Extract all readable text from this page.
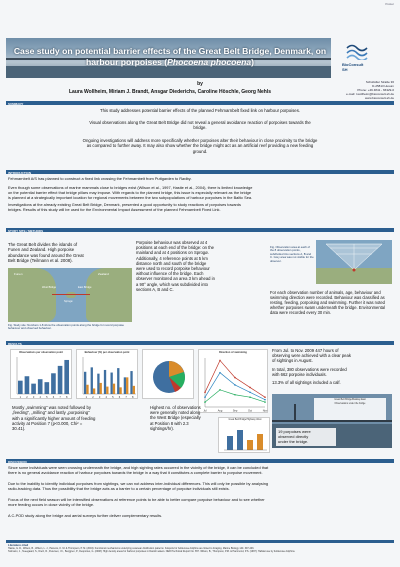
Poster
Case study on potential barrier effects of the Great Belt Bridge, Denmark, on
harbour porpoises (Phocoena phocoena)	BioConsult
SH
by
Laura Wollheim, Miriam J. Brandt, Ansgar Diederichs, Caroline Höschle, Georg Nehls
Schobüller Straße 36
D-25813 Husum
Phone: +49 4841 - 66329-0
e-mail: l.wollheim@bioconsult-sh.de
www.bioconsult-sh.de
SUMMARY
This study addresses potential barrier effects of the planned Fehmarnbelt fixed link on harbour porpoises.
Visual observations along the Great Belt Bridge did not reveal a general avoidance reaction of porpoises towards the
bridge.
Ongoing investigations will address more specifically whether porpoises alter their behaviour in close proximity to the bridge
as compared to further away. It may also show whether the bridge might act as an artificial reef providing a new feeding
ground.
INTRODUCTION
Fehmarnbelt A/S has planned to construct a fixed link crossing the Fehmarnbelt from Puttgarden to Rødby.
Even though some observations of marine mammals close to bridges exist (Wilson et al., 1997, Hastie et al., 2004), there is limited knowledge
on the potential barrier effect that bridge pillars may impose. With regards to the planned bridge, this issue is especially relevant as the bridge
is planned at a strategically important location for regional movements between the two subpopulations of harbour porpoises in the Baltic Sea.
Investigations at the already existing Great Belt Bridge, Denmark, presented a good opportunity to study reactions of porpoises towards
bridges. Results of this study will be used for the Environmental Impact Assessment of the planned Fehmarnbelt Fixed Link.
STUDY SITE / METHODS
The Great Belt divides the islands of
Funen and Zealand. High porpoise
abundance was found around the Great
Belt Bridge (Teilmann et al. 2008).
Funen	Zealand
Sprogø
East Bridge
West Bridge
Fig. Study site: Numbers 1-8 show the observation points along the bridge for record porpoise behaviour and observed behaviour.
Porpoise behaviour was observed at 4
positions at each end of the bridge: on the
mainland and at 4 positions on Sprogø.
Additionally, 4 reference points at 5 km
distance north and south of the bridge
were used to record porpoise behaviour
without influence of the bridge. Each
observer monitored an area 3 km ahead in
a 90° angle, which was subdivided into
sections A, B and C.
Fig. Observation area at each of the 8 observation points, subdivided into sections A, B and C. Grey area was not visible for the observer.
For each observation number of animals, age, behaviour and swimming direction were recorded. Behaviour was classified as resting, feeding, porpoising and swimming. Further it was noted whether porpoises swam underneath the bridge. Environmental data were recorded every 30 min.
RESULTS
Observations per observation point
1 2 3 4 5 6 7 8
Behaviour (%) per observation point
1 2 3 4 5 6 7 8
Direction of swimming
Jul	Aug	Sep	Oct	Nov
Mostly „swimming“ was noted followed by
„feeding“, „milling“ and lastly „porpoising“
with a significantly higher amount of feeding
activity at Position 7 (p<0.000, Chi² =
30.41).
Highest no. of observations
were generally noted along
the West Bridge (especially
at Position 8 with 2.3
sightings/hr).
Great Belt Bridge/Highway West
From Jul. to Nov. 2009 447 hours of
observing were achieved with a clear peak
of sightings in August.
In total, 380 observations were recorded
with 662 porpoise individuals.
13.3% of all sightings included a calf.
Great Belt Bridge/Railway East
Observations under the bridge
19 porpoises were
observed directly
under the bridge.
DISCUSSION
Since some individuals were seen crossing underneath the bridge, and high sighting rates occurred in the vicinity of the bridge, it can be concluded that
there is no general avoidance reaction of harbour porpoises towards the bridge in a way that it constitutes a complete barrier to porpoise movement.
Due to the inability to identify individual porpoises from sightings, we can not address inter-individual differences. This will only be possible by analysing
radio-tracking data. Thus the possibility that the bridge acts as a barrier to a certain percentage of porpoise individuals still exists.
Focus of the next field season will be intensified observations at reference points to be able to better compare porpoise behaviour and to see whether
more feeding occurs in close vicinity of the bridge.
A C-POD study along the bridge and aerial surveys further deliver complementary results.
Literature cited
Hastie, G. D., Wilson, B., Wilson, L. J., Parsons, K. M. & Thompson, P. M. (2004): Functional mechanisms underlying cetacean distribution patterns: hotspots for bottlenose dolphins are linked to foraging. Marine Biology 144: 397-403.
Teilmann, J., Sveegaard, S., Dietz, R., Petersen, I.K., Berggren, P., Desportes, G. (2008): High density areas for harbour porpoises in Danish waters. NERI Technical Report No. 657. Wilson, B., Thompson, P.M. & Hammond, P.S. (1997): Habitat use by bottlenose dolphins.
